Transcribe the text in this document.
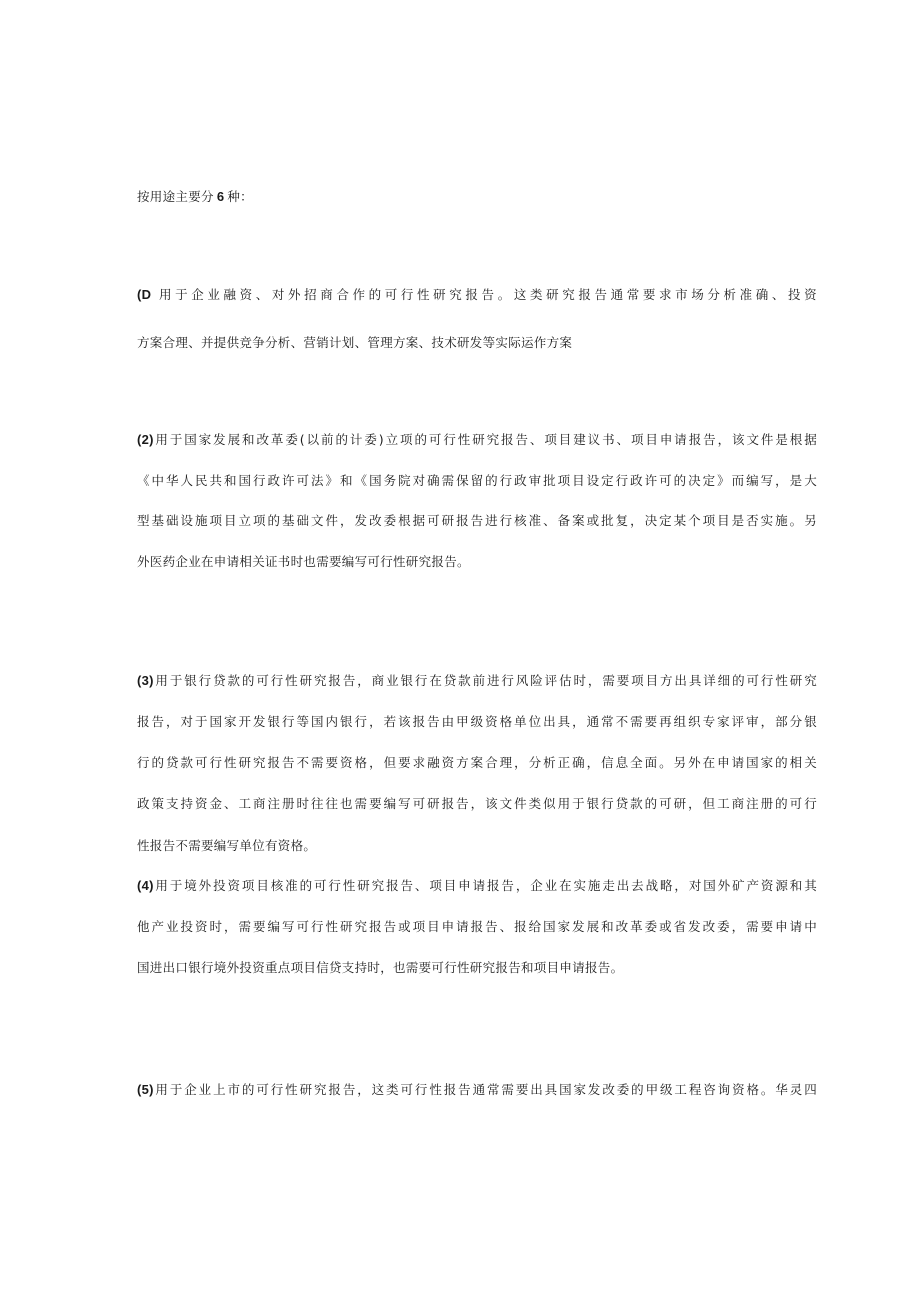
按用途主要分 6 种：
(D 用于企业融资、对外招商合作的可行性研究报告。这类研究报告通常要求市场分析准确、投资
方案合理、并提供竞争分析、营销计划、管理方案、技术研发等实际运作方案
(2)用于国家发展和改革委(以前的计委)立项的可行性研究报告、项目建议书、项目申请报告，该文件是根据
《中华人民共和国行政许可法》和《国务院对确需保留的行政审批项目设定行政许可的决定》而编写，是大
型基础设施项目立项的基础文件，发改委根据可研报告进行核准、备案或批复，决定某个项目是否实施。另
外医药企业在申请相关证书时也需要编写可行性研究报告。
(3)用于银行贷款的可行性研究报告，商业银行在贷款前进行风险评估时，需要项目方出具详细的可行性研究
报告，对于国家开发银行等国内银行，若该报告由甲级资格单位出具，通常不需要再组织专家评审，部分银
行的贷款可行性研究报告不需要资格，但要求融资方案合理，分析正确，信息全面。另外在申请国家的相关
政策支持资金、工商注册时往往也需要编写可研报告，该文件类似用于银行贷款的可研，但工商注册的可行
性报告不需要编写单位有资格。
(4)用于境外投资项目核准的可行性研究报告、项目申请报告，企业在实施走出去战略，对国外矿产资源和其
他产业投资时，需要编写可行性研究报告或项目申请报告、报给国家发展和改革委或省发改委，需要申请中
国进出口银行境外投资重点项目信贷支持时，也需要可行性研究报告和项目申请报告。
(5)用于企业上市的可行性研究报告，这类可行性报告通常需要出具国家发改委的甲级工程咨询资格。华灵四
